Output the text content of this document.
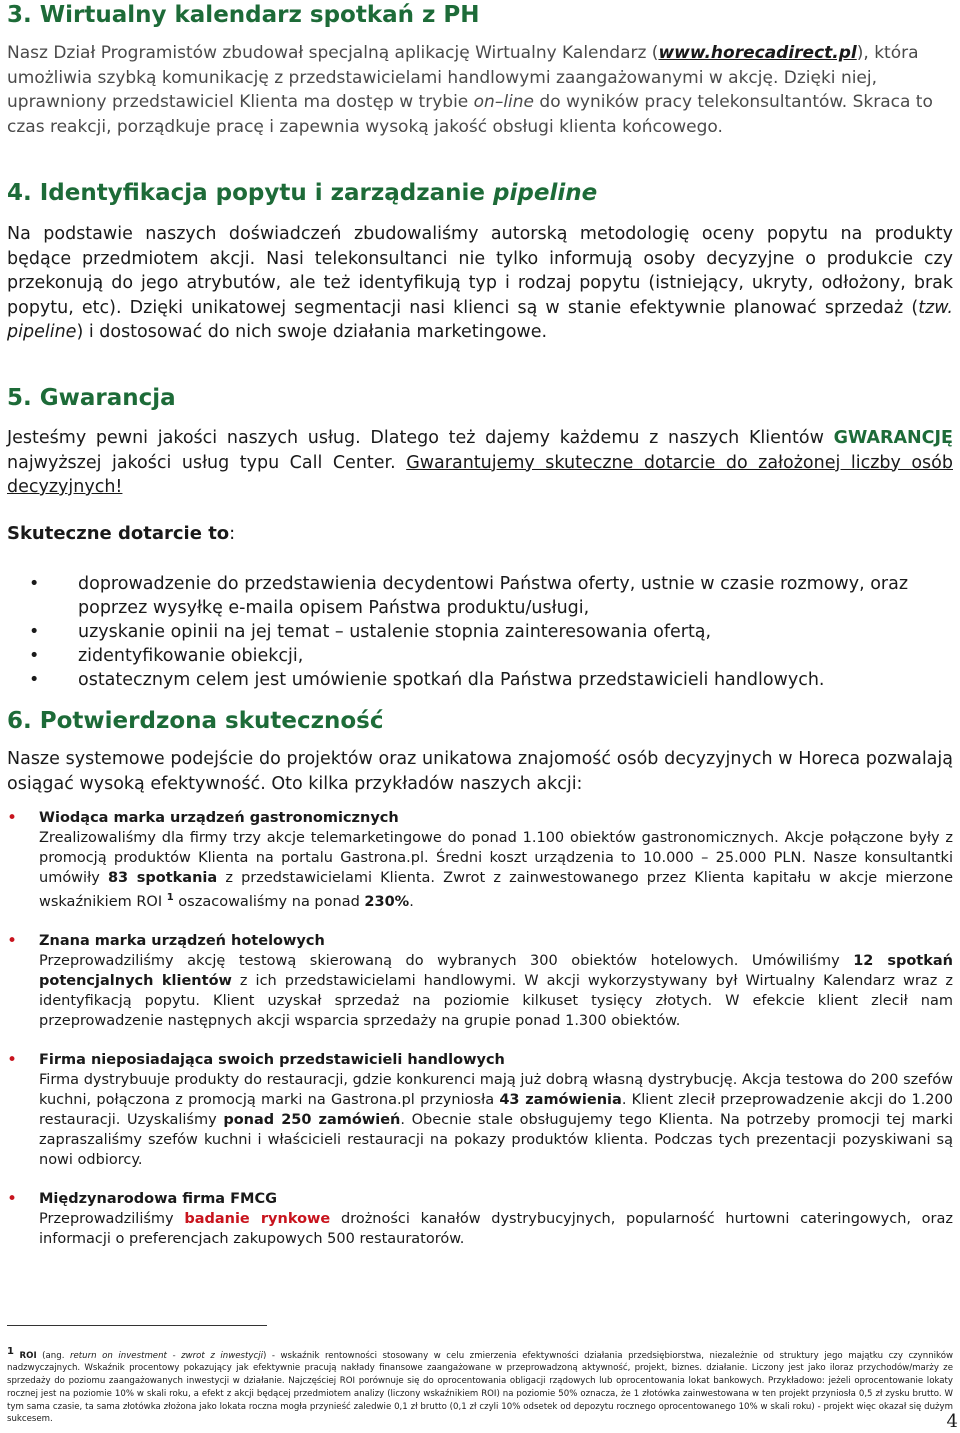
3. Wirtualny kalendarz spotkań z PH

Nasz Dział Programistów zbudował specjalną aplikację Wirtualny Kalendarz (www.horecadirect.pl), która umożliwia szybką komunikację z przedstawicielami handlowymi zaangażowanymi w akcję. Dzięki niej, uprawniony przedstawiciel Klienta ma dostęp w trybie on–line do wyników pracy telekonsultantów. Skraca to czas reakcji, porządkuje pracę i zapewnia wysoką jakość obsługi klienta końcowego.

4. Identyfikacja popytu i zarządzanie pipeline

Na podstawie naszych doświadczeń zbudowaliśmy autorską metodologię oceny popytu na produkty będące przedmiotem akcji. Nasi telekonsultanci nie tylko informują osoby decyzyjne o produkcie czy przekonują do jego atrybutów, ale też identyfikują typ i rodzaj popytu (istniejący, ukryty, odłożony, brak popytu, etc). Dzięki unikatowej segmentacji nasi klienci są w stanie efektywnie planować sprzedaż (tzw. pipeline) i dostosować do nich swoje działania marketingowe.

5. Gwarancja

Jesteśmy pewni jakości naszych usług. Dlatego też dajemy każdemu z naszych Klientów GWARANCJĘ najwyższej jakości usług typu Call Center. Gwarantujemy skuteczne dotarcie do założonej liczby osób decyzyjnych!

Skuteczne dotarcie to:

• doprowadzenie do przedstawienia decydentowi Państwa oferty, ustnie w czasie rozmowy, oraz poprzez wysyłkę e-maila opisem Państwa produktu/usługi,
• uzyskanie opinii na jej temat – ustalenie stopnia zainteresowania ofertą,
• zidentyfikowanie obiekcji,
• ostatecznym celem jest umówienie spotkań dla Państwa przedstawicieli handlowych.
6. Potwierdzona skuteczność

Nasze systemowe podejście do projektów oraz unikatowa znajomość osób decyzyjnych w Horeca pozwalają osiągać wysoką efektywność. Oto kilka przykładów naszych akcji:

• Wiodąca marka urządzeń gastronomicznych
Zrealizowaliśmy dla firmy trzy akcje telemarketingowe do ponad 1.100 obiektów gastronomicznych. Akcje połączone były z promocją produktów Klienta na portalu Gastrona.pl. Średni koszt urządzenia to 10.000 – 25.000 PLN. Nasze konsultantki umówiły 83 spotkania z przedstawicielami Klienta. Zwrot z zainwestowanego przez Klienta kapitału w akcje mierzone wskaźnikiem ROI $^1$ oszacowaliśmy na ponad 230%.
• Znana marka urządzeń hotelowych
Przeprowadziliśmy akcję testową skierowaną do wybranych 300 obiektów hotelowych. Umówiliśmy 12 spotkań potencjalnych klientów z ich przedstawicielami handlowymi. W akcji wykorzystywany był Wirtualny Kalendarz wraz z identyfikacją popytu. Klient uzyskał sprzedaż na poziomie kilkuset tysięcy złotych. W efekcie klient zlecił nam przeprowadzenie następnych akcji wsparcia sprzedaży na grupie ponad 1.300 obiektów.
• Firma nieposiadająca swoich przedstawicieli handlowych
Firma dystrybuuje produkty do restauracji, gdzie konkurenci mają już dobrą własną dystrybucję. Akcja testowa do 200 szefów kuchni, połączona z promocją marki na Gastrona.pl przyniosła 43 zamówienia. Klient zlecił przeprowadzenie akcji do 1.200 restauracji. Uzyskaliśmy ponad 250 zamówień. Obecnie stale obsługujemy tego Klienta. Na potrzeby promocji tej marki zapraszaliśmy szefów kuchni i właścicieli restauracji na pokazy produktów klienta. Podczas tych prezentacji pozyskiwani są nowi odbiorcy.
• Międzynarodowa firma FMCG
Przeprowadziliśmy badanie rynkowe drożności kanałów dystrybucyjnych, popularność hurtowni cateringowych, oraz informacji o preferencjach zakupowych 500 restauratorów.

1 ROI (ang. return on investment - zwrot z inwestycji) - wskaźnik rentowności stosowany w celu zmierzenia efektywności działania przedsiębiorstwa, niezależnie od struktury jego majątku czy czynników nadzwyczajnych. Wskaźnik procentowy pokazujący jak efektywnie pracują nakłady finansowe zaangażowane w przeprowadzoną aktywność, projekt, biznes. działanie. Liczony jest jako iloraz przychodów/marży ze sprzedaży do poziomu zaangażowanych inwestycji w działanie. Najczęściej ROI porównuje się do oprocentowania obligacji rządowych lub oprocentowania lokat bankowych. Przykładowo: jeżeli oprocentowanie lokaty rocznej jest na poziomie 10% w skali roku, a efekt z akcji będącej przedmiotem analizy (liczony wskaźnikiem ROI) na poziomie 50% oznacza, że 1 złotówka zainwestowana w ten projekt przyniosła 0,5 zł zysku brutto. W tym sama czasie, ta sama złotówka złożona jako lokata roczna mogła przynieść zaledwie 0,1 zł brutto (0,1 zł czyli 10% odsetek od depozytu rocznego oprocentowanego 10% w skali roku) - projekt więc okazał się dużym sukcesem.	4
